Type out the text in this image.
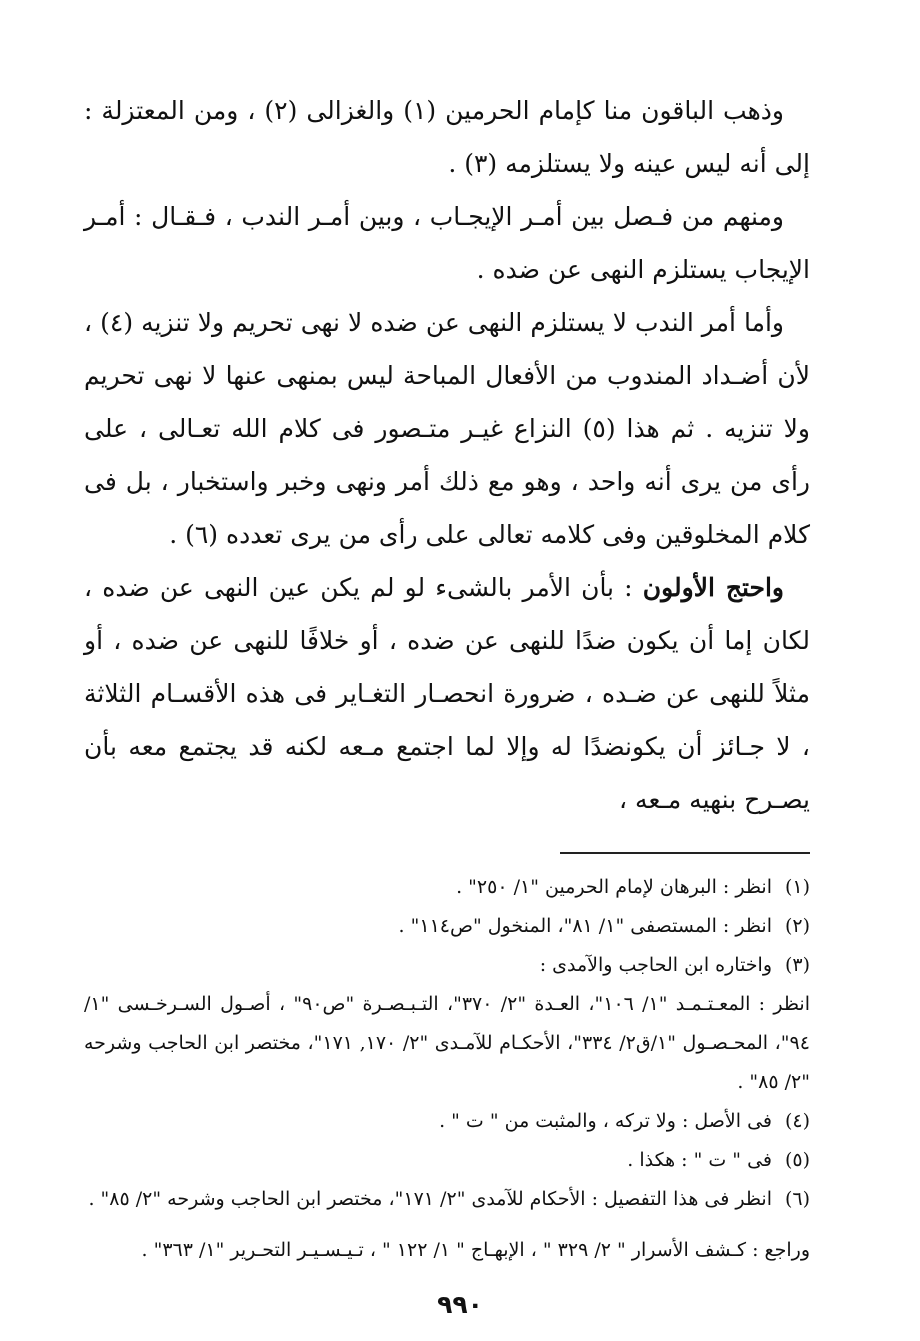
وذهب الباقون منا كإمام الحرمين (١) والغزالى (٢) ، ومن المعتزلة : إلى أنه ليس عينه ولا يستلزمه (٣) .

ومنهم من فـصل بين أمـر الإيجـاب ، وبين أمـر الندب ، فـقـال : أمـر الإيجاب يستلزم النهى عن ضده .

وأما أمر الندب لا يستلزم النهى عن ضده لا نهى تحريم ولا تنزيه (٤) ، لأن أضـداد المندوب من الأفعال المباحة ليس بمنهى عنها لا نهى تحريم ولا تنزيه . ثم هذا (٥) النزاع غيـر متـصور فى كلام الله تعـالى ، على رأى من يرى أنه واحد ، وهو مع ذلك أمر ونهى وخبر واستخبار ، بل فى كلام المخلوقين وفى كلامه تعالى على رأى من يرى تعدده (٦) .

واحتج الأولون : بأن الأمر بالشىء لو لم يكن عين النهى عن ضده ، لكان إما أن يكون ضدًا للنهى عن ضده ، أو خلافًا للنهى عن ضده ، أو مثلاً للنهى عن ضـده ، ضرورة انحصـار التغـاير فى هذه الأقسـام الثلاثة ، لا جـائز أن يكونضدًا له وإلا لما اجتمع مـعه لكنه قد يجتمع معه بأن يصـرح بنهيه مـعه ،

(١)
انظر : البرهان لإمام الحرمين "١/ ٢٥٠" .
(٢)
انظر : المستصفى "١/ ٨١"، المنخول "ص١١٤" .
(٣)
واختاره ابن الحاجب والآمدى :

انظر : المعـتـمـد "١/ ١٠٦"، العـدة "٢/ ٣٧٠"، التـبـصـرة "ص٩٠" ، أصـول السـرخـسى "١/ ٩٤"، المحـصـول "١/ق٢/ ٣٣٤"، الأحكـام للآمـدى "٢/ ١٧٠, ١٧١"، مختصر ابن الحاجب وشرحه "٢/ ٨٥" .

(٤)
فى الأصل : ولا تركه ، والمثبت من " ت " .
(٥)
فى " ت " : هكذا .
(٦)
انظر فى هذا التفصيل : الأحكام للآمدى "٢/ ١٧١"، مختصر ابن الحاجب وشرحه "٢/ ٨٥" .

وراجع : كـشف الأسرار " ٢/ ٣٢٩ " ، الإبهـاج " ١/ ١٢٢ " ، تـيـسـيـر التحـرير "١/ ٣٦٣" .

٩٩٠
